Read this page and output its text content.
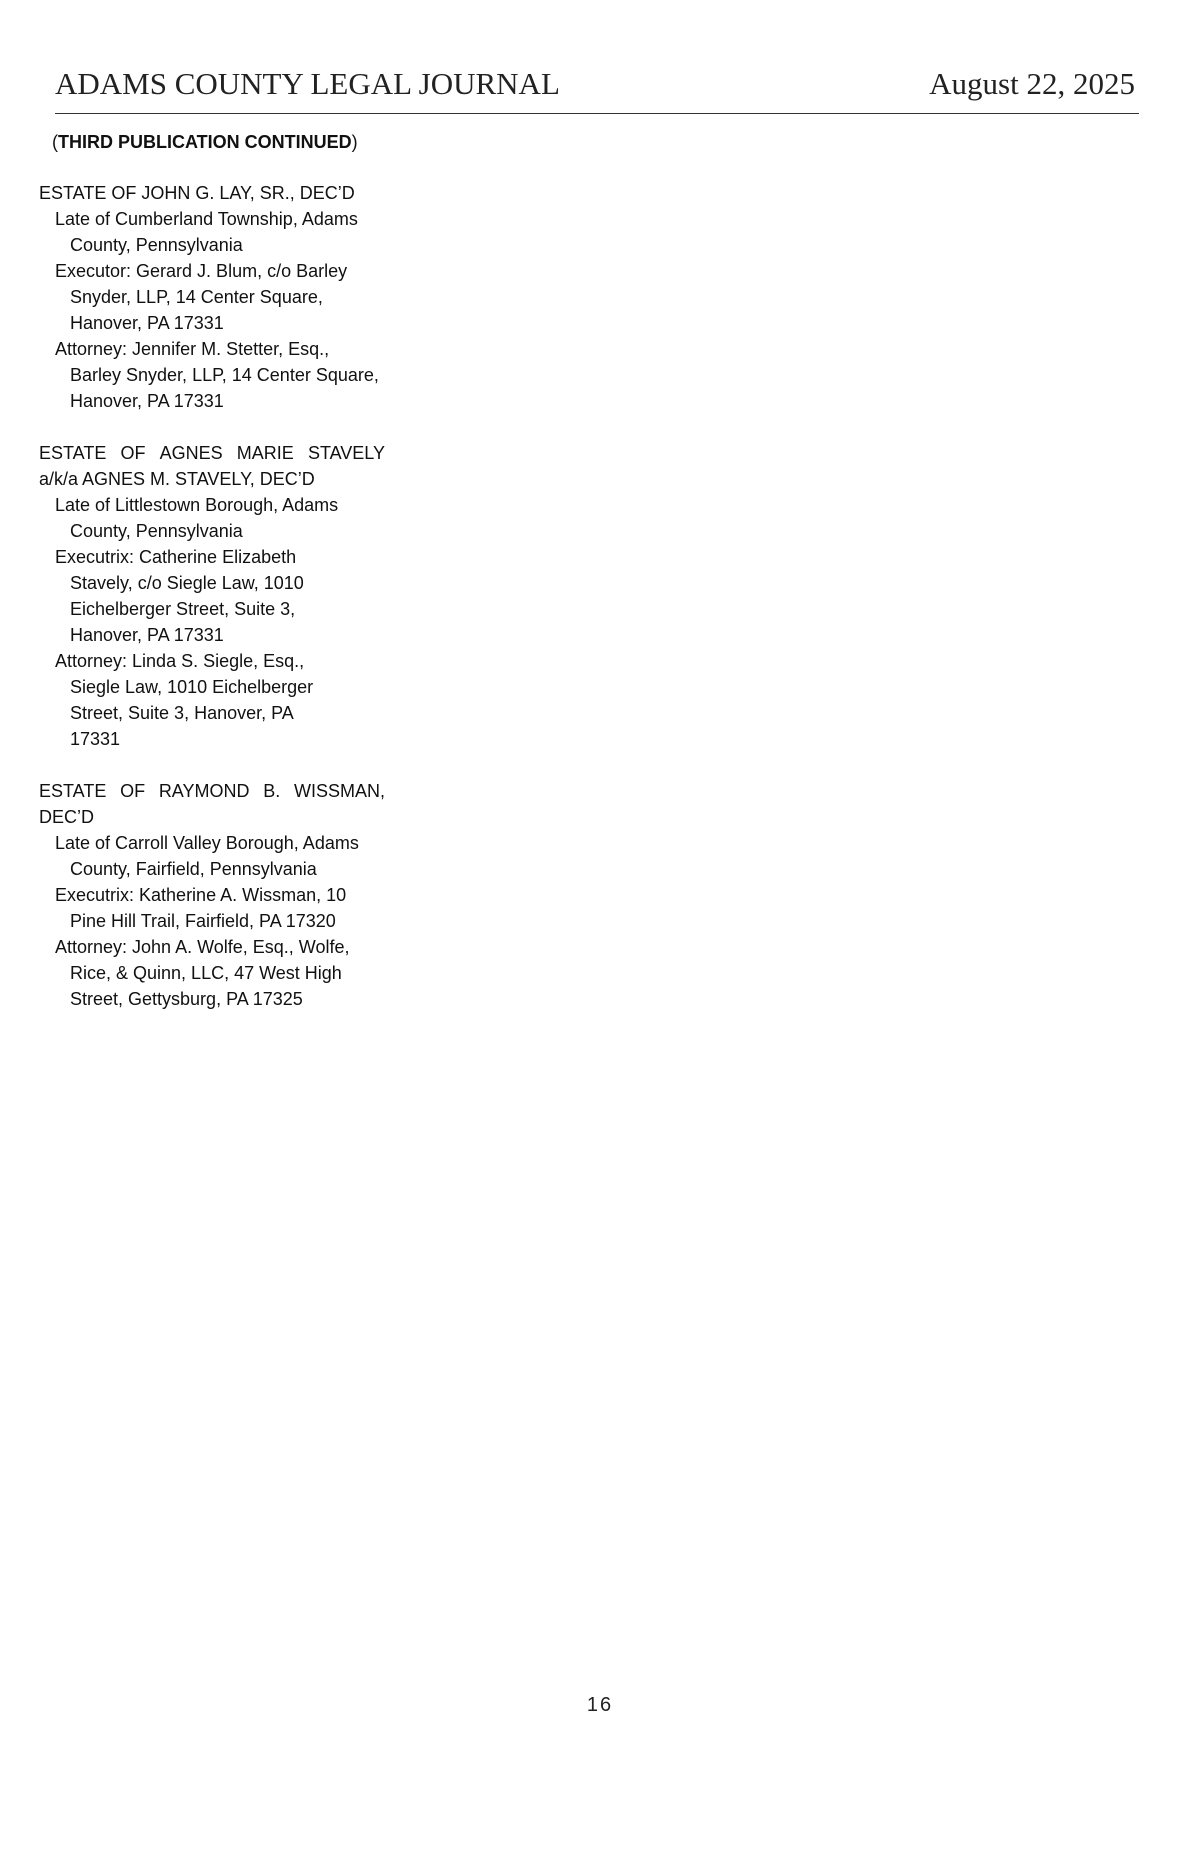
ADAMS COUNTY LEGAL JOURNAL	August 22, 2025
(THIRD PUBLICATION CONTINUED)
ESTATE OF JOHN G. LAY, SR., DEC’D
Late of Cumberland Township, Adams
County, Pennsylvania
Executor: Gerard J. Blum, c/o Barley
Snyder, LLP, 14 Center Square,
Hanover, PA 17331
Attorney: Jennifer M. Stetter, Esq.,
Barley Snyder, LLP, 14 Center Square,
Hanover, PA 17331
ESTATE OF AGNES MARIE STAVELY
a/k/a AGNES M. STAVELY, DEC’D
Late of Littlestown Borough, Adams
County, Pennsylvania
Executrix: Catherine Elizabeth
Stavely, c/o Siegle Law, 1010
Eichelberger Street, Suite 3,
Hanover, PA 17331
Attorney: Linda S. Siegle, Esq.,
Siegle Law, 1010 Eichelberger
Street, Suite 3, Hanover, PA
17331
ESTATE OF RAYMOND B. WISSMAN,
DEC’D
Late of Carroll Valley Borough, Adams
County, Fairfield, Pennsylvania
Executrix: Katherine A. Wissman, 10
Pine Hill Trail, Fairfield, PA 17320
Attorney: John A. Wolfe, Esq., Wolfe,
Rice, & Quinn, LLC, 47 West High
Street, Gettysburg, PA 17325
16
